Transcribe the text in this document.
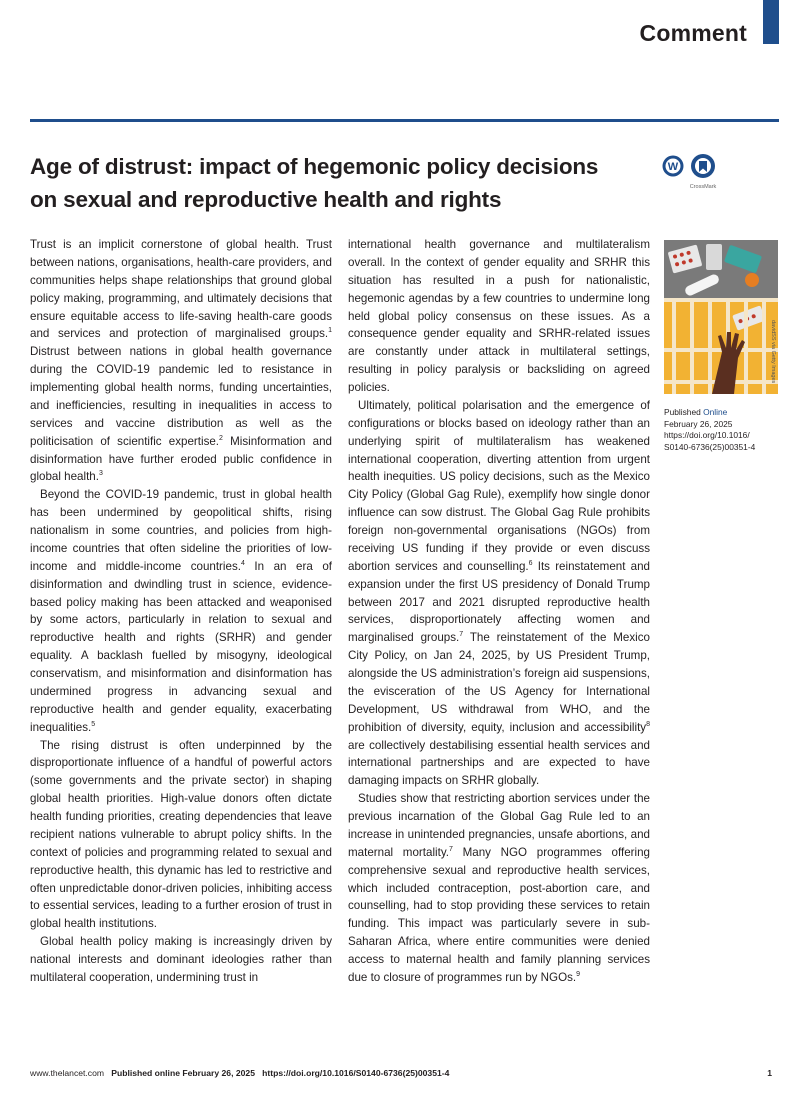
Comment
Age of distrust: impact of hegemonic policy decisions on sexual and reproductive health and rights
W
CrossMark
davidSS via Getty Images
Published Online
February 26, 2025
https://doi.org/10.1016/
S0140-6736(25)00351-4

Trust is an implicit cornerstone of global health. Trust between nations, organisations, health-care providers, and communities helps shape relationships that ground global policy making, programming, and ultimately decisions that ensure equitable access to life-saving health-care goods and services and protection of marginalised groups.$^1$ Distrust between nations in global health governance during the COVID-19 pandemic led to resistance in implementing global health norms, funding uncertainties, and inefficiencies, resulting in inequalities in access to services and vaccine distribution as well as the politicisation of scientific expertise.$^2$ Misinformation and disinformation have further eroded public confidence in global health.$^3$

Beyond the COVID-19 pandemic, trust in global health has been undermined by geopolitical shifts, rising nationalism in some countries, and policies from high-income countries that often sideline the priorities of low-income and middle-income countries.$^4$ In an era of disinformation and dwindling trust in science, evidence-based policy making has been attacked and weaponised by some actors, particularly in relation to sexual and reproductive health and rights (SRHR) and gender equality. A backlash fuelled by misogyny, ideological conservatism, and misinformation and disinformation has undermined progress in advancing sexual and reproductive health and gender equality, exacerbating inequalities.$^5$

The rising distrust is often underpinned by the disproportionate influence of a handful of powerful actors (some governments and the private sector) in shaping global health priorities. High-value donors often dictate health funding priorities, creating dependencies that leave recipient nations vulnerable to abrupt policy shifts. In the context of policies and programming related to sexual and reproductive health, this dynamic has led to restrictive and often unpredictable donor-driven policies, inhibiting access to essential services, leading to a further erosion of trust in global health institutions.

Global health policy making is increasingly driven by national interests and dominant ideologies rather than multilateral cooperation, undermining trust in

international health governance and multilateralism overall. In the context of gender equality and SRHR this situation has resulted in a push for nationalistic, hegemonic agendas by a few countries to undermine long held global policy consensus on these issues. As a consequence gender equality and SRHR-related issues are constantly under attack in multilateral settings, resulting in policy paralysis or backsliding on agreed policies.

Ultimately, political polarisation and the emergence of configurations or blocks based on ideology rather than an underlying spirit of multilateralism has weakened international cooperation, diverting attention from urgent health inequities. US policy decisions, such as the Mexico City Policy (Global Gag Rule), exemplify how single donor influence can sow distrust. The Global Gag Rule prohibits foreign non-governmental organisations (NGOs) from receiving US funding if they provide or even discuss abortion services and counselling.$^6$ Its reinstatement and expansion under the first US presidency of Donald Trump between 2017 and 2021 disrupted reproductive health services, disproportionately affecting women and marginalised groups.$^7$ The reinstatement of the Mexico City Policy, on Jan 24, 2025, by US President Trump, alongside the US administration’s foreign aid suspensions, the evisceration of the US Agency for International Development, US withdrawal from WHO, and the prohibition of diversity, equity, inclusion and accessibility$^8$ are collectively destabilising essential health services and international partnerships and are expected to have damaging impacts on SRHR globally.

Studies show that restricting abortion services under the previous incarnation of the Global Gag Rule led to an increase in unintended pregnancies, unsafe abortions, and maternal mortality.$^7$ Many NGO programmes offering comprehensive sexual and reproductive health services, which included contraception, post-abortion care, and counselling, had to stop providing these services to retain funding. This impact was particularly severe in sub-Saharan Africa, where entire communities were denied access to maternal health and family planning services due to closure of programmes run by NGOs.$^9$

www.thelancet.com Published online February 26, 2025 https://doi.org/10.1016/S0140-6736(25)00351-4	1
